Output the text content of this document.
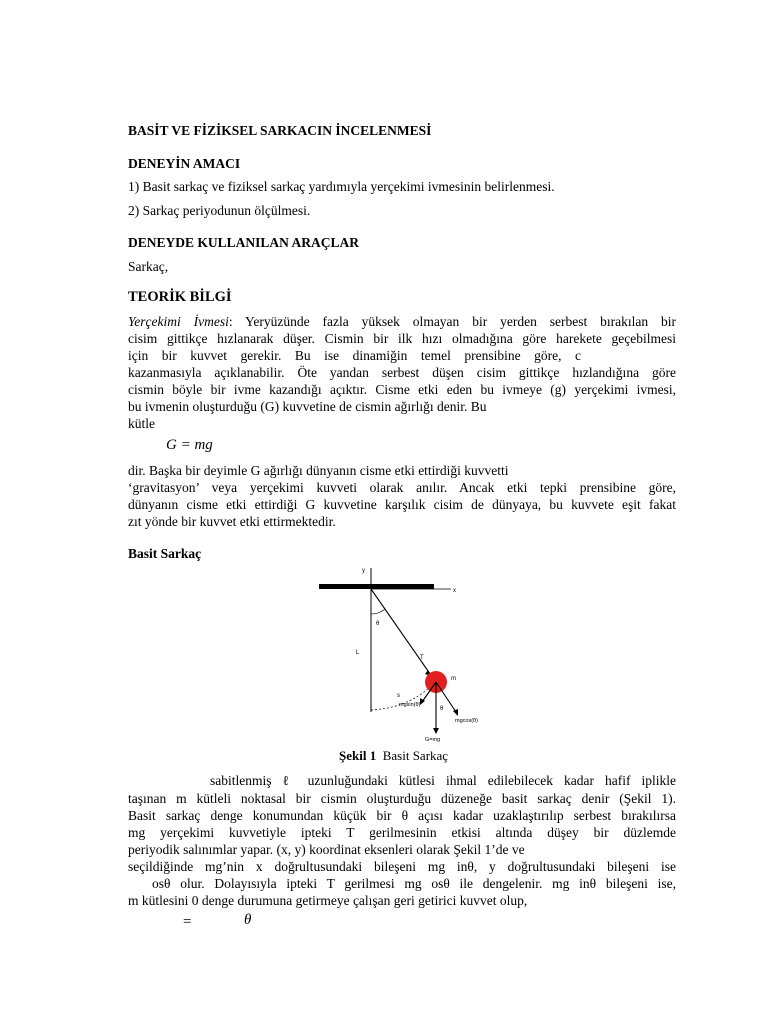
BASİT VE FİZİKSEL SARKACIN İNCELENMESİ
DENEYİN AMACI
1) Basit sarkaç ve fiziksel sarkaç yardımıyla yerçekimi ivmesinin belirlenmesi.
2) Sarkaç periyodunun ölçülmesi.
DENEYDE KULLANILAN ARAÇLAR
Sarkaç,
TEORİK BİLGİ
Yerçekimi İvmesi: Yeryüzünde fazla yüksek olmayan bir yerden serbest bırakılan bir
cisim gittikçe hızlanarak düşer. Cismin bir ilk hızı olmadığına göre harekete geçebilmesi
için bir kuvvet gerekir. Bu ise dinamiğin temel prensibine göre, c
kazanmasıyla açıklanabilir. Öte yandan serbest düşen cisim gittikçe hızlandığına göre
cismin böyle bir ivme kazandığı açıktır. Cisme etki eden bu ivmeye (g) yerçekimi ivmesi,
bu ivmenin oluşturduğu (G) kuvvetine de cismin ağırlığı denir. Bu
kütle
G = mg
dir. Başka bir deyimle G ağırlığı dünyanın cisme etki ettirdiği kuvvetti
‘gravitasyon’ veya yerçekimi kuvveti olarak anılır. Ancak etki tepki prensibine göre,
dünyanın cisme etki ettirdiği G kuvvetine karşılık cisim de dünyaya, bu kuvvete eşit fakat
zıt yönde bir kuvvet etki ettirmektedir.
Basit Sarkaç
y
x
θ
L
T
s
m
θ
mgsin(θ)
mgcos(θ)
G=mg
Şekil 1 Basit Sarkaç
sabitlenmiş ℓ uzunluğundaki kütlesi ihmal edilebilecek kadar hafif iplikle
taşınan m kütleli noktasal bir cismin oluşturduğu düzeneğe basit sarkaç denir (Şekil 1).
Basit sarkaç denge konumundan küçük bir θ açısı kadar uzaklaştırılıp serbest bırakılırsa
mg yerçekimi kuvvetiyle ipteki T gerilmesinin etkisi altında düşey bir düzlemde
periyodik salınımlar yapar. (x, y) koordinat eksenleri olarak Şekil 1’de ve
seçildiğinde mg’nin x doğrultusundaki bileşeni mg inθ, y doğrultusundaki bileşeni ise
osθ olur. Dolayısıyla ipteki T gerilmesi mg osθ ile dengelenir. mg inθ bileşeni ise,
m kütlesini 0 denge durumuna getirmeye çalışan geri getirici kuvvet olup,
=	θ
